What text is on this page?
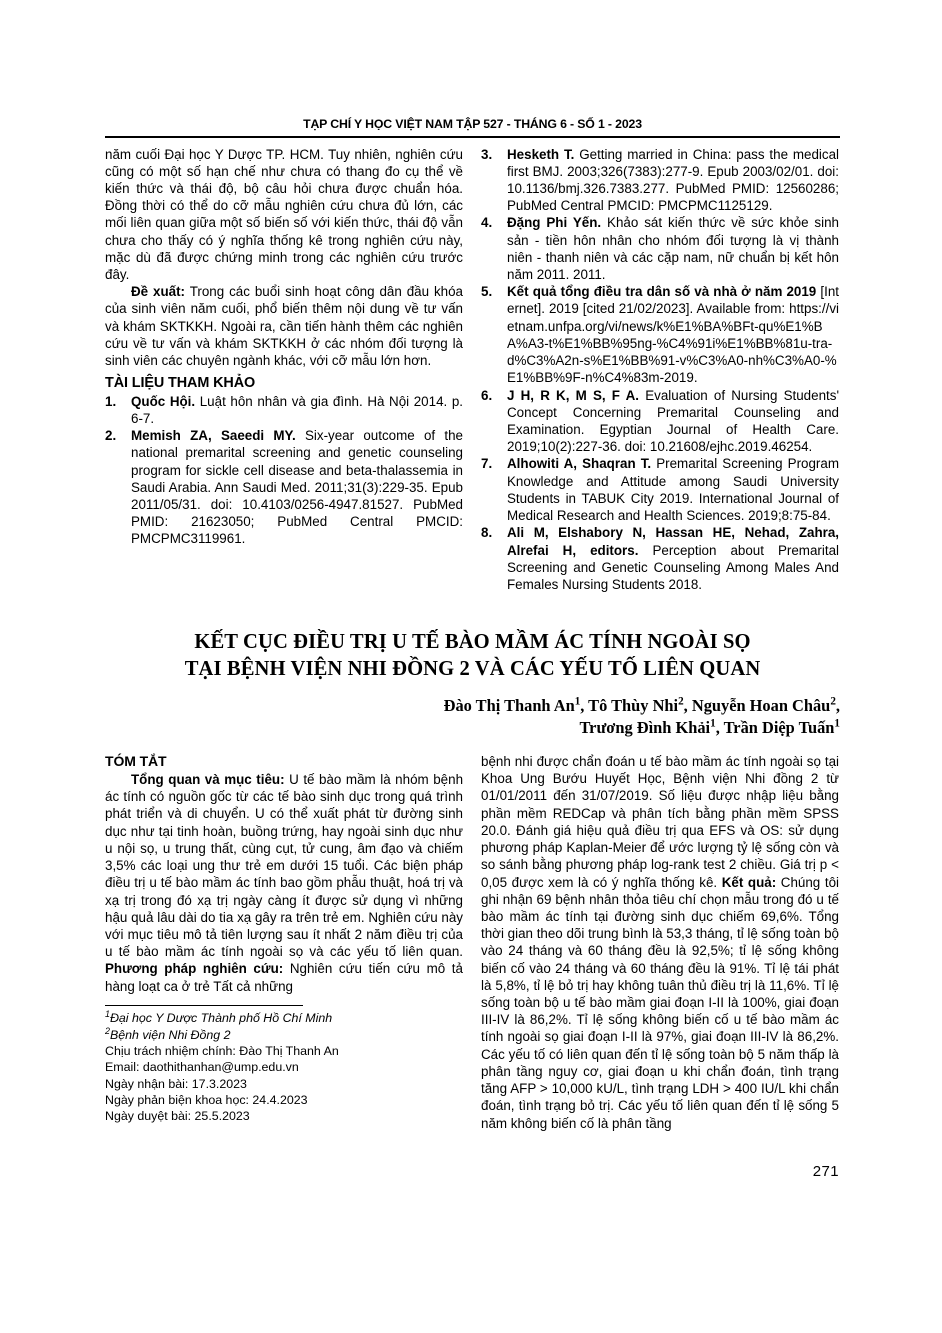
TẠP CHÍ Y HỌC VIỆT NAM TẬP 527 - THÁNG 6 - SỐ 1 - 2023

năm cuối Đại học Y Dược TP. HCM. Tuy nhiên, nghiên cứu cũng có một số hạn chế như chưa có thang đo cụ thể về kiến thức và thái độ, bộ câu hỏi chưa được chuẩn hóa. Đồng thời có thể do cỡ mẫu nghiên cứu chưa đủ lớn, các mối liên quan giữa một số biến số với kiến thức, thái độ vẫn chưa cho thấy có ý nghĩa thống kê trong nghiên cứu này, mặc dù đã được chứng minh trong các nghiên cứu trước đây.

Đề xuất: Trong các buổi sinh hoạt công dân đầu khóa của sinh viên năm cuối, phổ biến thêm nội dung về tư vấn và khám SKTKKH. Ngoài ra, cần tiến hành thêm các nghiên cứu về tư vấn và khám SKTKKH ở các nhóm đối tượng là sinh viên các chuyên ngành khác, với cỡ mẫu lớn hơn.

TÀI LIỆU THAM KHẢO
1.	Quốc Hội. Luật hôn nhân và gia đình. Hà Nội 2014. p. 6-7.
2.	Memish ZA, Saeedi MY. Six-year outcome of the national premarital screening and genetic counseling program for sickle cell disease and beta-thalassemia in Saudi Arabia. Ann Saudi Med. 2011;31(3):229-35. Epub 2011/05/31. doi: 10.4103/0256-4947.81527. PubMed PMID: 21623050; PubMed Central PMCID: PMCPMC3119961.
3.	Hesketh T. Getting married in China: pass the medical first BMJ. 2003;326(7383):277-9. Epub 2003/02/01. doi: 10.1136/bmj.326.7383.277. PubMed PMID: 12560286; PubMed Central PMCID: PMCPMC1125129.
4.	Đặng Phi Yến. Khảo sát kiến thức về sức khỏe sinh sản - tiền hôn nhân cho nhóm đối tượng là vị thành niên - thanh niên và các cặp nam, nữ chuẩn bị kết hôn năm 2011. 2011.
5.	Kết quả tổng điều tra dân số và nhà ở năm 2019 [Internet]. 2019 [cited 21/02/2023]. Available from: https://vietnam.unfpa.org/vi/news/k%E1%BA%BFt-qu%E1%BA%A3-t%E1%BB%95ng-%C4%91i%E1%BB%81u-tra-d%C3%A2n-s%E1%BB%91-v%C3%A0-nh%C3%A0-%E1%BB%9F-n%C4%83m-2019.
6.	J H, R K, M S, F A. Evaluation of Nursing Students' Concept Concerning Premarital Counseling and Examination. Egyptian Journal of Health Care. 2019;10(2):227-36. doi: 10.21608/ejhc.2019.46254.
7.	Alhowiti A, Shaqran T. Premarital Screening Program Knowledge and Attitude among Saudi University Students in TABUK City 2019. International Journal of Medical Research and Health Sciences. 2019;8:75-84.
8.	Ali M, Elshabory N, Hassan HE, Nehad, Zahra, Alrefai H, editors. Perception about Premarital Screening and Genetic Counseling Among Males And Females Nursing Students 2018.
KẾT CỤC ĐIỀU TRỊ U TẾ BÀO MẦM ÁC TÍNH NGOÀI SỌ
TẠI BỆNH VIỆN NHI ĐỒNG 2 VÀ CÁC YẾU TỐ LIÊN QUAN
Đào Thị Thanh An$^1$, Tô Thùy Nhi$^2$, Nguyễn Hoan Châu$^2$,
Trương Đình Khải$^1$, Trần Diệp Tuấn$^1$
TÓM TẮT

Tổng quan và mục tiêu: U tế bào mầm là nhóm bệnh ác tính có nguồn gốc từ các tế bào sinh dục trong quá trình phát triển và di chuyển. U có thể xuất phát từ đường sinh dục như tại tinh hoàn, buồng trứng, hay ngoài sinh dục như u nội sọ, u trung thất, cùng cụt, tử cung, âm đạo và chiếm 3,5% các loại ung thư trẻ em dưới 15 tuổi. Các biện pháp điều trị u tế bào mầm ác tính bao gồm phẫu thuật, hoá trị và xạ trị trong đó xạ trị ngày càng ít được sử dụng vì những hậu quả lâu dài do tia xạ gây ra trên trẻ em. Nghiên cứu này với mục tiêu mô tả tiên lượng sau ít nhất 2 năm điều trị của u tế bào mầm ác tính ngoài sọ và các yếu tố liên quan. Phương pháp nghiên cứu: Nghiên cứu tiến cứu mô tả hàng loạt ca ở trẻ Tất cả những

$^1$Đại học Y Dược Thành phố Hồ Chí Minh
$^2$Bệnh viện Nhi Đồng 2
Chịu trách nhiệm chính: Đào Thị Thanh An
Email: daothithanhan@ump.edu.vn
Ngày nhận bài: 17.3.2023
Ngày phản biện khoa học: 24.4.2023
Ngày duyệt bài: 25.5.2023

bệnh nhi được chẩn đoán u tế bào mầm ác tính ngoài sọ tại Khoa Ung Bướu Huyết Học, Bệnh viện Nhi đồng 2 từ 01/01/2011 đến 31/07/2019. Số liệu được nhập liệu bằng phần mềm REDCap và phân tích bằng phần mềm SPSS 20.0. Đánh giá hiệu quả điều trị qua EFS và OS: sử dụng phương pháp Kaplan-Meier để ước lượng tỷ lệ sống còn và so sánh bằng phương pháp log-rank test 2 chiều. Giá trị p < 0,05 được xem là có ý nghĩa thống kê. Kết quả: Chúng tôi ghi nhận 69 bệnh nhân thỏa tiêu chí chọn mẫu trong đó u tế bào mầm ác tính tại đường sinh dục chiếm 69,6%. Tổng thời gian theo dõi trung bình là 53,3 tháng, tỉ lệ sống toàn bộ vào 24 tháng và 60 tháng đều là 92,5%; tỉ lệ sống không biến cố vào 24 tháng và 60 tháng đều là 91%. Tỉ lệ tái phát là 5,8%, tỉ lệ bỏ trị hay không tuân thủ điều trị là 11,6%. Tỉ lệ sống toàn bộ u tế bào mầm giai đoạn I-II là 100%, giai đoạn III-IV là 86,2%. Tỉ lệ sống không biến cố u tế bào mầm ác tính ngoài sọ giai đoạn I-II là 97%, giai đoạn III-IV là 86,2%. Các yếu tố có liên quan đến tỉ lệ sống toàn bộ 5 năm thấp là phân tầng nguy cơ, giai đoạn u khi chẩn đoán, tình trạng tăng AFP > 10,000 kU/L, tình trạng LDH > 400 IU/L khi chẩn đoán, tình trạng bỏ trị. Các yếu tố liên quan đến tỉ lệ sống 5 năm không biến cố là phân tầng

271
